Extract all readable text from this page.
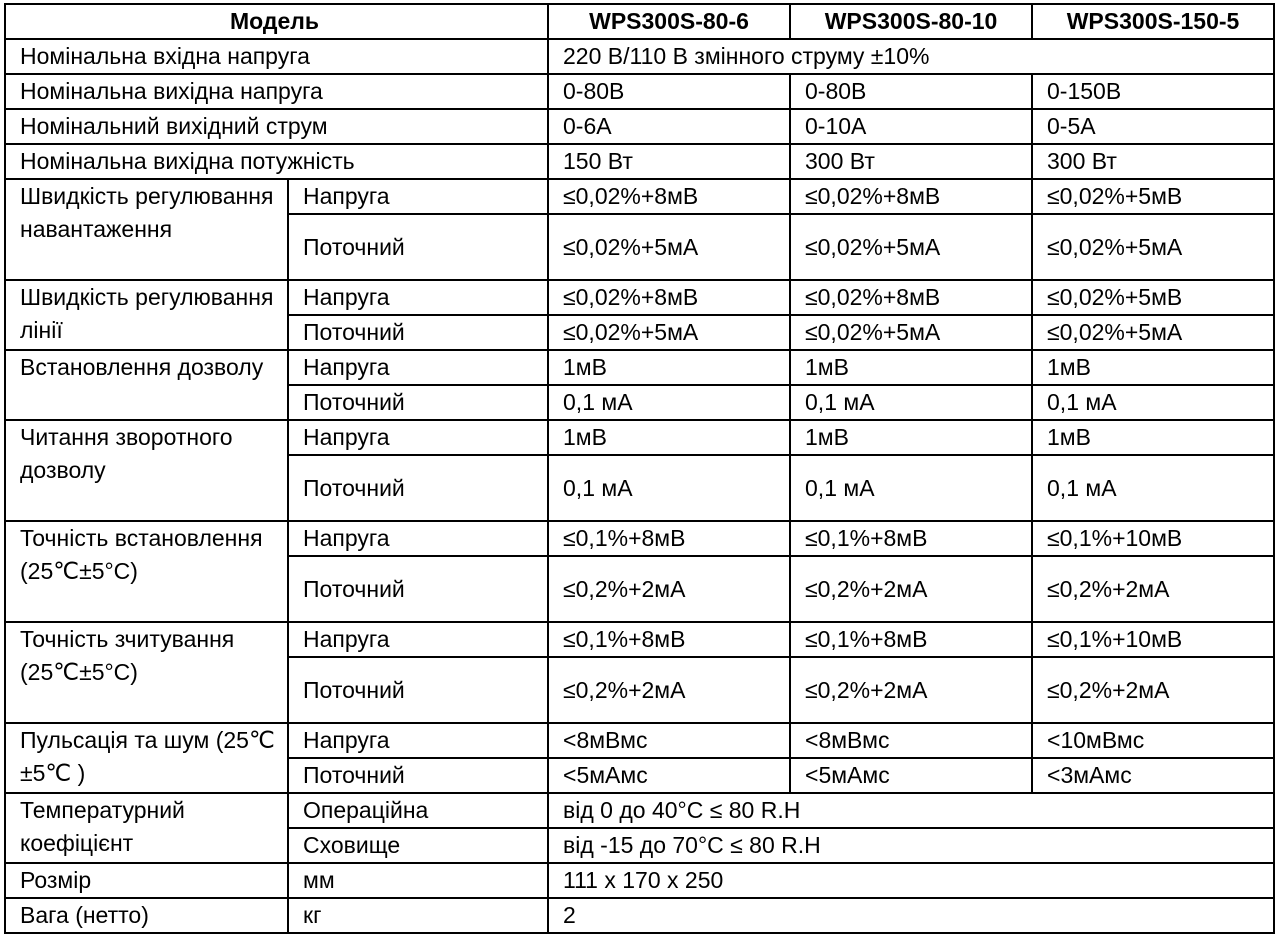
Модель		WPS300S-80-6	WPS300S-80-10	WPS300S-150-5
Номінальна вхідна напруга		220 В/110 В змінного струму ±10%		
Номінальна вихідна напруга		0-80В	0-80В	0-150В
Номінальний вихідний струм		0-6A	0-10A	0-5A
Номінальна вихідна потужність		150 Вт	300 Вт	300 Вт
Швидкість регулювання навантаження	Напруга	≤0,02%+8мВ	≤0,02%+8мВ	≤0,02%+5мВ
	Поточний	≤0,02%+5мА	≤0,02%+5мА	≤0,02%+5мА
Швидкість регулювання лінії	Напруга	≤0,02%+8мВ	≤0,02%+8мВ	≤0,02%+5мВ
	Поточний	≤0,02%+5мА	≤0,02%+5мА	≤0,02%+5мА
Встановлення дозволу	Напруга	1мВ	1мВ	1мВ
	Поточний	0,1 мА	0,1 мА	0,1 мА
Читання зворотного дозволу	Напруга	1мВ	1мВ	1мВ
	Поточний	0,1 мА	0,1 мА	0,1 мА
Точність встановлення (25℃±5°C)	Напруга	≤0,1%+8мВ	≤0,1%+8мВ	≤0,1%+10мВ
	Поточний	≤0,2%+2мА	≤0,2%+2мА	≤0,2%+2мА
Точність зчитування (25℃±5°C)	Напруга	≤0,1%+8мВ	≤0,1%+8мВ	≤0,1%+10мВ
	Поточний	≤0,2%+2мА	≤0,2%+2мА	≤0,2%+2мА
Пульсація та шум (25℃±5℃ )	Напруга	<8мВмс	<8мВмс	<10мВмс
	Поточний	<5мАмс	<5мАмс	<3мАмс
Температурний коефіцієнт	Операційна	від 0 до 40°C ≤ 80 R.H		
	Сховище	від -15 до 70°C ≤ 80 R.H		
Розмір	мм	111 x 170 x 250		
Вага (нетто)	кг	2		
